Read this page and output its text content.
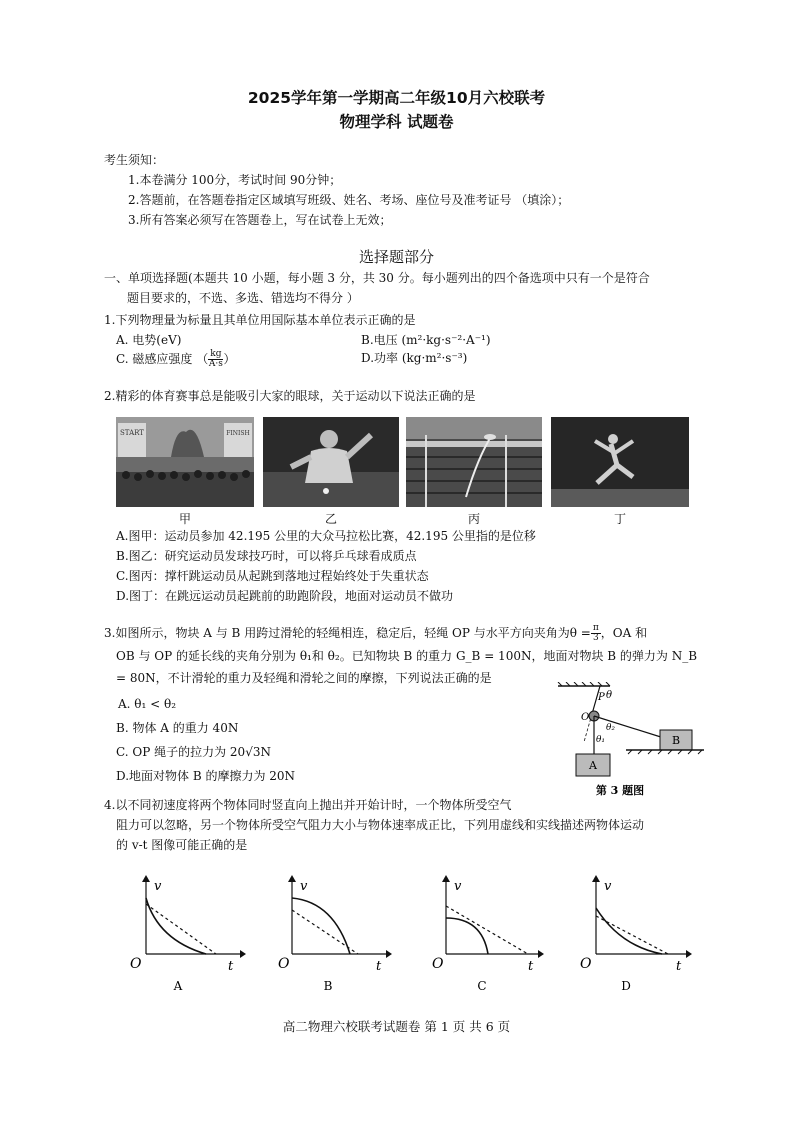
2025学年第一学期高二年级10月六校联考
物理学科 试题卷
考生须知：
1.本卷满分 100分，考试时间 90分钟；
2.答题前，在答题卷指定区域填写班级、姓名、考场、座位号及准考证号 （填涂）；
3.所有答案必须写在答题卷上，写在试卷上无效；
选择题部分
一、单项选择题(本题共 10 小题，每小题 3 分，共 30 分。每小题列出的四个备选项中只有一个是符合
题目要求的，不选、多选、错选均不得分 ）
1.下列物理量为标量且其单位用国际基本单位表示正确的是
A. 电势(eV)	B.电压 (m²·kg·s⁻²·A⁻¹)
C. 磁感应强度 （ $\frac{kg}{A\cdot s}$ ）	D.功率 (kg·m²·s⁻³)
2.精彩的体育赛事总是能吸引大家的眼球，关于运动以下说法正确的是
START	FINISH
甲	乙	丙	丁
A.图甲：运动员参加 42.195 公里的大众马拉松比赛，42.195 公里指的是位移
B.图乙：研究运动员发球技巧时，可以将乒乓球看成质点
C.图丙：撑杆跳运动员从起跳到落地过程始终处于失重状态
D.图丁：在跳远运动员起跳前的助跑阶段，地面对运动员不做功
3.如图所示，物块 A 与 B 用跨过滑轮的轻绳相连，稳定后，轻绳 OP 与水平方向夹角为$\theta = \frac{\pi}{3}$ ，OA 和
OB 与 OP 的延长线的夹角分别为 θ₁和 θ₂。已知物块 B 的重力 G_B = 100N，地面对物块 B 的弹力为 N_B
= 80N，不计滑轮的重力及轻绳和滑轮之间的摩擦，下列说法正确的是
A. θ₁ < θ₂
B. 物体 A 的重力 40N
C. OP 绳子的拉力为 20√3N
D.地面对物体 B 的摩擦力为 20N
P θ
O
θ₁
θ₂
A
B
第 3 题图
4.以不同初速度将两个物体同时竖直向上抛出并开始计时，一个物体所受空气
阻力可以忽略，另一个物体所受空气阻力大小与物体速率成正比，下列用虚线和实线描述两物体运动
的 v-t 图像可能正确的是
v
O	t
A
v
O	t
B
v
O	t
C
v
O	t
D
高二物理六校联考试题卷 第 1 页 共 6 页
